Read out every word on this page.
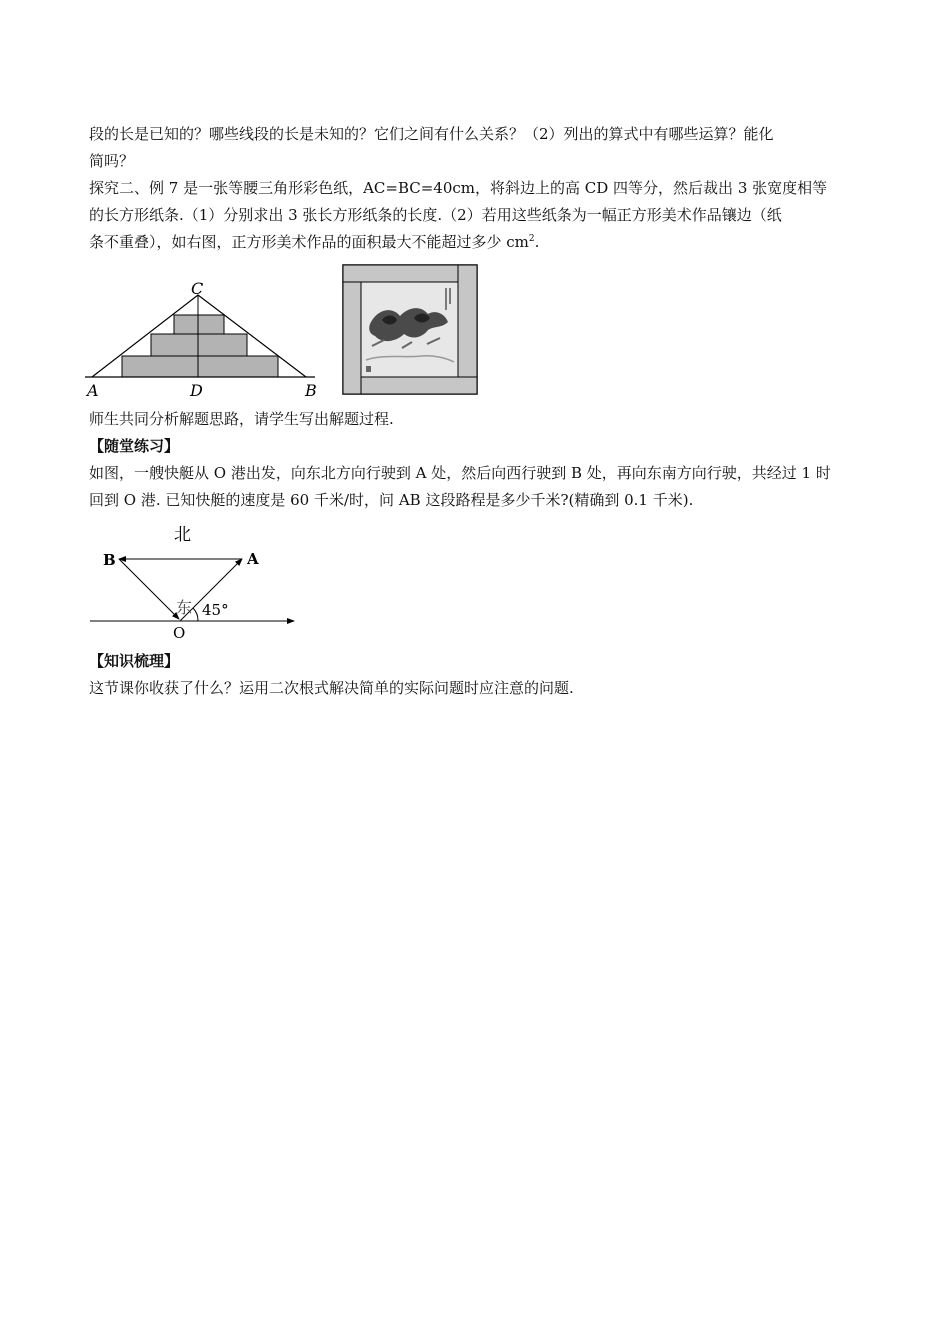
段的长是已知的？哪些线段的长是未知的？它们之间有什么关系？（2）列出的算式中有哪些运算？能化
简吗？
探究二、例 7 是一张等腰三角形彩色纸，AC=BC=40cm，将斜边上的高 CD 四等分，然后裁出 3 张宽度相等
的长方形纸条.（1）分别求出 3 张长方形纸条的长度.（2）若用这些纸条为一幅正方形美术作品镶边（纸
条不重叠），如右图，正方形美术作品的面积最大不能超过多少 $cm^2$.
C
A	D	B
师生共同分析解题思路，请学生写出解题过程.
【随堂练习】
如图，一艘快艇从 O 港出发，向东北方向行驶到 A 处，然后向西行驶到 B 处，再向东南方向行驶，共经过 1 时
回到 O 港. 已知快艇的速度是 60 千米/时，问 AB 这段路程是多少千米?(精确到 0.1 千米).
北
B	A
东 45°
O
【知识梳理】
这节课你收获了什么？运用二次根式解决简单的实际问题时应注意的问题.
